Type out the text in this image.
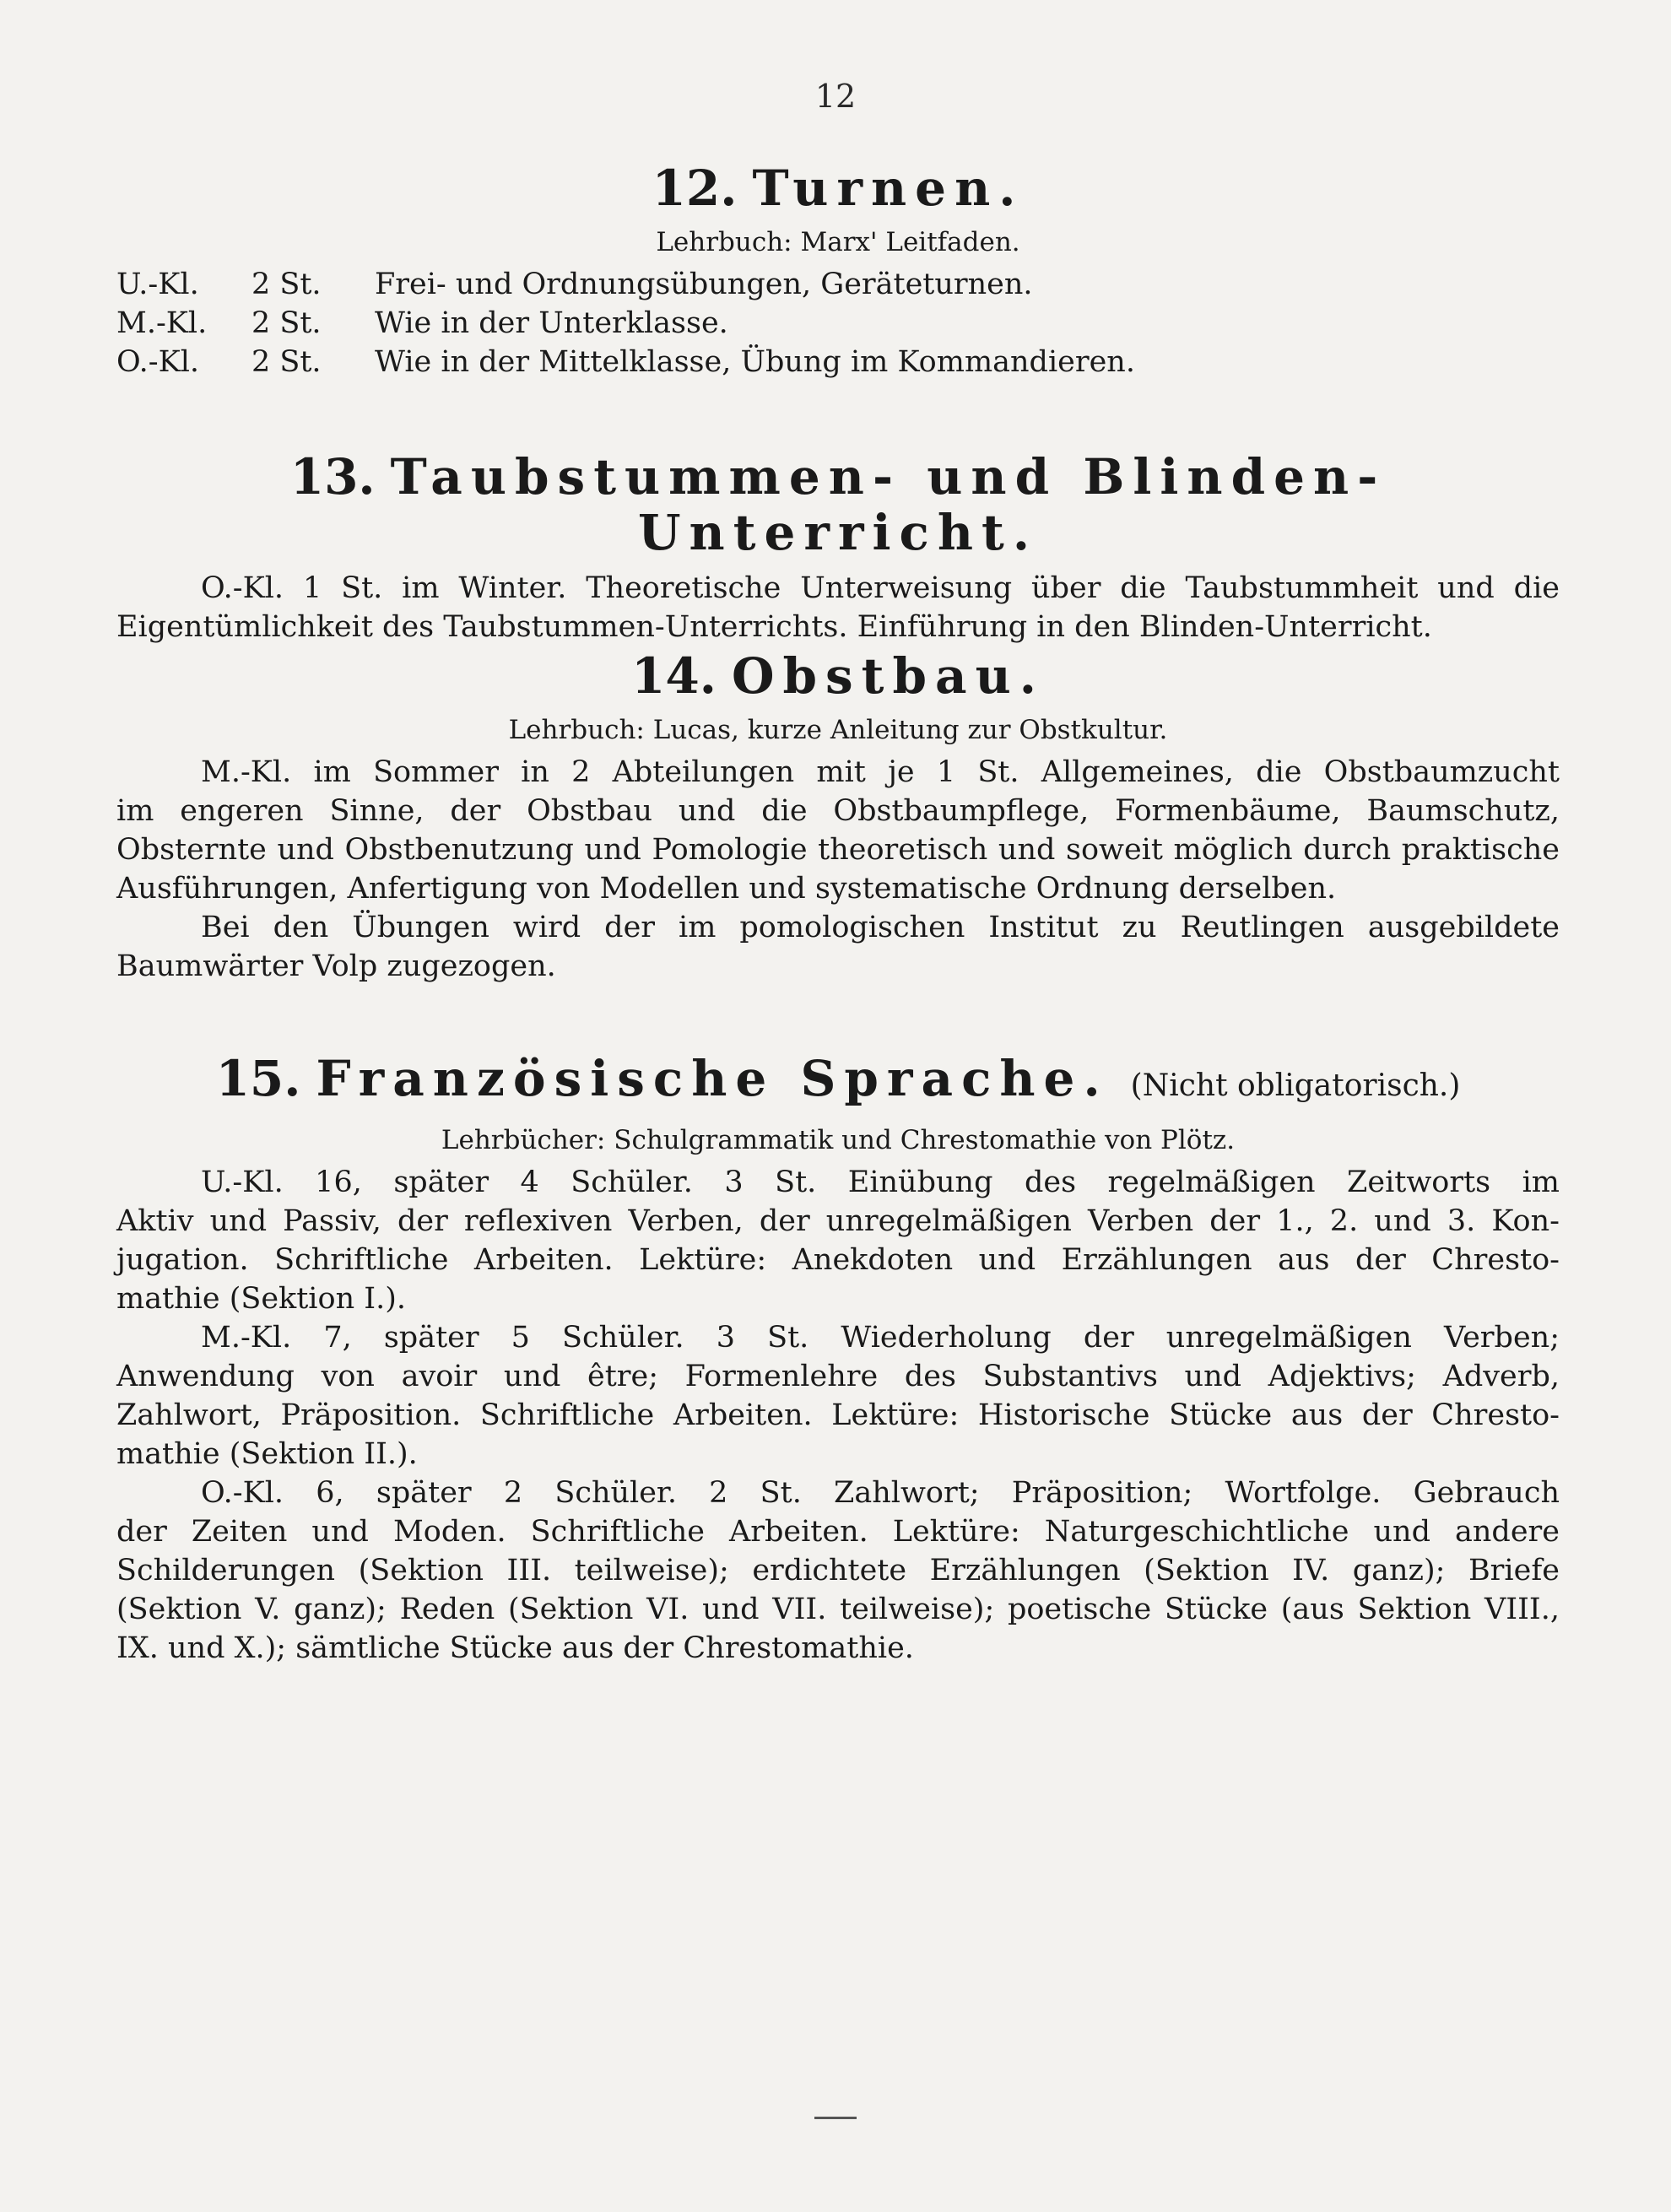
12
12. Turnen.
Lehrbuch: Marx' Leitfaden.
U.-Kl.	2 St.	Frei- und Ordnungsübungen, Geräteturnen.
M.-Kl.	2 St.	Wie in der Unterklasse.
O.-Kl.	2 St.	Wie in der Mittelklasse, Übung im Kommandieren.
13. Taubstummen- und Blinden-Unterricht.

O.-Kl. 1 St. im Winter. Theoretische Unterweisung über die Taubstummheit und die

Eigentümlichkeit des Taubstummen-Unterrichts. Einführung in den Blinden-Unterricht.

14. Obstbau.
Lehrbuch: Lucas, kurze Anleitung zur Obstkultur.

M.-Kl. im Sommer in 2 Abteilungen mit je 1 St. Allgemeines, die Obstbaumzucht

im engeren Sinne, der Obstbau und die Obstbaumpflege, Formenbäume, Baumschutz,

Obsternte und Obstbenutzung und Pomologie theoretisch und soweit möglich durch praktische

Ausführungen, Anfertigung von Modellen und systematische Ordnung derselben.

Bei den Übungen wird der im pomologischen Institut zu Reutlingen ausgebildete

Baumwärter Volp zugezogen.

15. Französische Sprache. (Nicht obligatorisch.)
Lehrbücher: Schulgrammatik und Chrestomathie von Plötz.

U.-Kl. 16, später 4 Schüler. 3 St. Einübung des regelmäßigen Zeitworts im

Aktiv und Passiv, der reflexiven Verben, der unregelmäßigen Verben der 1., 2. und 3. Kon-

jugation. Schriftliche Arbeiten. Lektüre: Anekdoten und Erzählungen aus der Chresto-

mathie (Sektion I.).

M.-Kl. 7, später 5 Schüler. 3 St. Wiederholung der unregelmäßigen Verben;

Anwendung von avoir und être; Formenlehre des Substantivs und Adjektivs; Adverb,

Zahlwort, Präposition. Schriftliche Arbeiten. Lektüre: Historische Stücke aus der Chresto-

mathie (Sektion II.).

O.-Kl. 6, später 2 Schüler. 2 St. Zahlwort; Präposition; Wortfolge. Gebrauch

der Zeiten und Moden. Schriftliche Arbeiten. Lektüre: Naturgeschichtliche und andere

Schilderungen (Sektion III. teilweise); erdichtete Erzählungen (Sektion IV. ganz); Briefe

(Sektion V. ganz); Reden (Sektion VI. und VII. teilweise); poetische Stücke (aus Sektion VIII.,

IX. und X.); sämtliche Stücke aus der Chrestomathie.
